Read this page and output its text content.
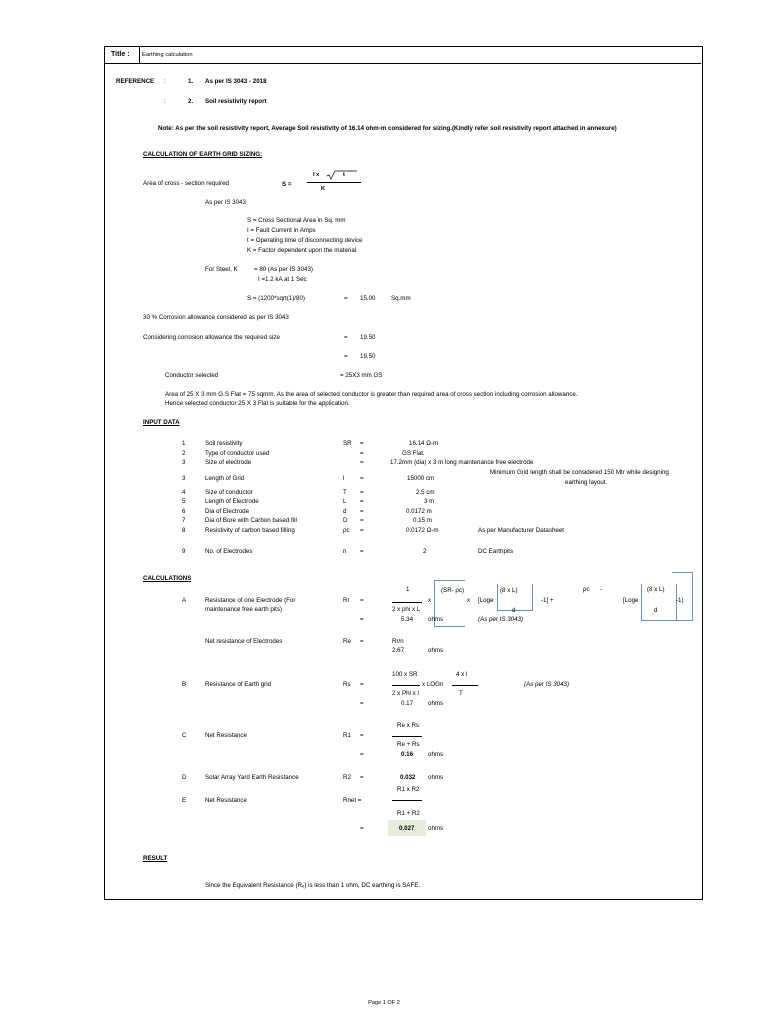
Title : Earthing calculation
REFERENCE :	1. As per IS 3043 - 2018
:	2. Soil resistivity report
Note: As per the soil resistivity report, Average Soil resistivity of 16.14 ohm-m considered for sizing.(Kindly refer soil resistivity report attached in annexure)
CALCULATION OF EARTH GRID SIZING:
Area of cross - section required	S =
I x	t
K
As per IS 3043
S = Cross Sectional Area in Sq. mm
I = Fault Current in Amps
t = Operating time of disconnecting device
K = Factor dependent upon the material
For Steel, K	= 80 (As per IS 3043)
I =1.2 kA at 1 Sec
S = (1200*sqrt(1)/80)	= 15.00	Sq.mm
30 % Corrosion allowance considered as per IS 3043
Considering corrosion allowance the required size	= 19.50
= 19.50
Conductor selected	= 25X3 mm GS
Area of 25 X 3 mm G.S Flat = 75 sqmm. As the area of selected conductor is greater than required area of cross section including corrosion allowance.
Hence selected conductor 25 X 3 Flat is suitable for the application.
INPUT DATA
1	Soil resistivity	SR =	16.14 Ω-m
2	Type of conductor used	=	GS Flat.
3	Size of electrode	=	17.2mm (dia) x 3 m long maintenance free electrode
Minimum Grid length shall be considered 150 Mtr while designing
earthing layout.
3	Length of Grid	l	=	15000 cm
4	Size of conductor	T =	2.5 cm
5	Length of Electrode	L =	3 m
6	Dia of Electrode	d =	0.0172 m
7	Dia of Bore with Carbon based fill	D =	0.15 m
8	Resistivity of carbon based filling	ρc =	0.0172 Ω-m	As per Manufacturer Datasheet
9	No. of Electrodes	n =	2	DC Earthpits
CALCULATIONS
A	Resistance of one Electrode (For
maintenance free earth pits)
Rr =
1
x
(SR- ρc)
x [Loge
(8 x L)
d
-1] +
ρc -
[Loge
(8 x L)
d
-1)
2 x phi x L
=	5.34 ohms	(As per IS 3043)
Net resistance of Electrodes	Re =	Rr/n
2.67	ohms
100 x SR	4 x l
B	Resistance of Earth grid	Rs =	x LOGn	(As per IS 3043)
2 x Phi x l	T
=	0.17 ohms
Re x Rs
C	Net Resistance	R1 =
Re + Rs
=	0.16 ohms
D	Solar Array Yard Earth Resistance	R2 =	0.032 ohms
R1 x R2
E	Net Resistance	Rnet =
R1 + R2
=	0.027 ohms
RESULT
Since the Equivalent Resistance (Rₑ) is less than 1 ohm, DC earthing is SAFE.
Page 1 OF 2
